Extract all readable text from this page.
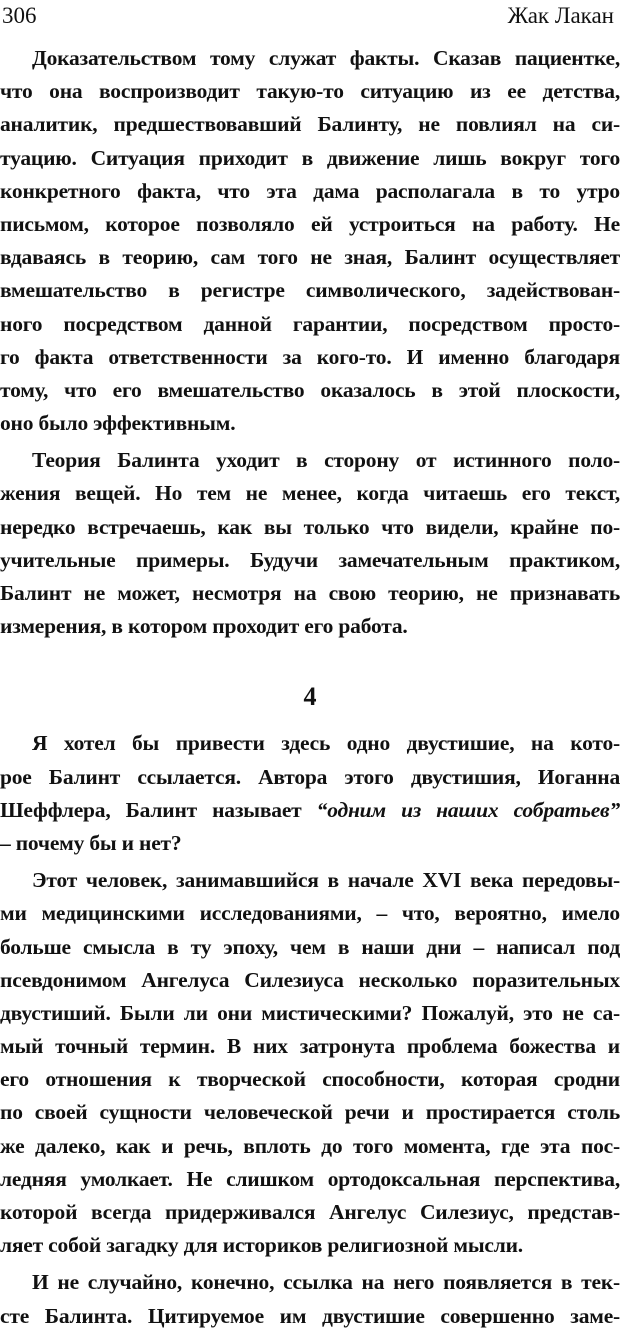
306	Жак Лакан
Доказательством тому служат факты. Сказав пациентке,
что она воспроизводит такую-то ситуацию из ее детства,
аналитик, предшествовавший Балинту, не повлиял на си-
туацию. Ситуация приходит в движение лишь вокруг того
конкретного факта, что эта дама располагала в то утро
письмом, которое позволяло ей устроиться на работу. Не
вдаваясь в теорию, сам того не зная, Балинт осуществляет
вмешательство в регистре символического, задействован-
ного посредством данной гарантии, посредством просто-
го факта ответственности за кого-то. И именно благодаря
тому, что его вмешательство оказалось в этой плоскости,
оно было эффективным.
Теория Балинта уходит в сторону от истинного поло-
жения вещей. Но тем не менее, когда читаешь его текст,
нередко встречаешь, как вы только что видели, крайне по-
учительные примеры. Будучи замечательным практиком,
Балинт не может, несмотря на свою теорию, не признавать
измерения, в котором проходит его работа.
4
Я хотел бы привести здесь одно двустишие, на кото-
рое Балинт ссылается. Автора этого двустишия, Иоганна
Шеффлера, Балинт называет “одним из наших собратьев”
– почему бы и нет?
Этот человек, занимавшийся в начале XVI века передовы-
ми медицинскими исследованиями, – что, вероятно, имело
больше смысла в ту эпоху, чем в наши дни – написал под
псевдонимом Ангелуса Силезиуса несколько поразительных
двустиший. Были ли они мистическими? Пожалуй, это не са-
мый точный термин. В них затронута проблема божества и
его отношения к творческой способности, которая сродни
по своей сущности человеческой речи и простирается столь
же далеко, как и речь, вплоть до того момента, где эта пос-
ледняя умолкает. Не слишком ортодоксальная перспектива,
которой всегда придерживался Ангелус Силезиус, представ-
ляет собой загадку для историков религиозной мысли.
И не случайно, конечно, ссылка на него появляется в тек-
сте Балинта. Цитируемое им двустишие совершенно заме-
